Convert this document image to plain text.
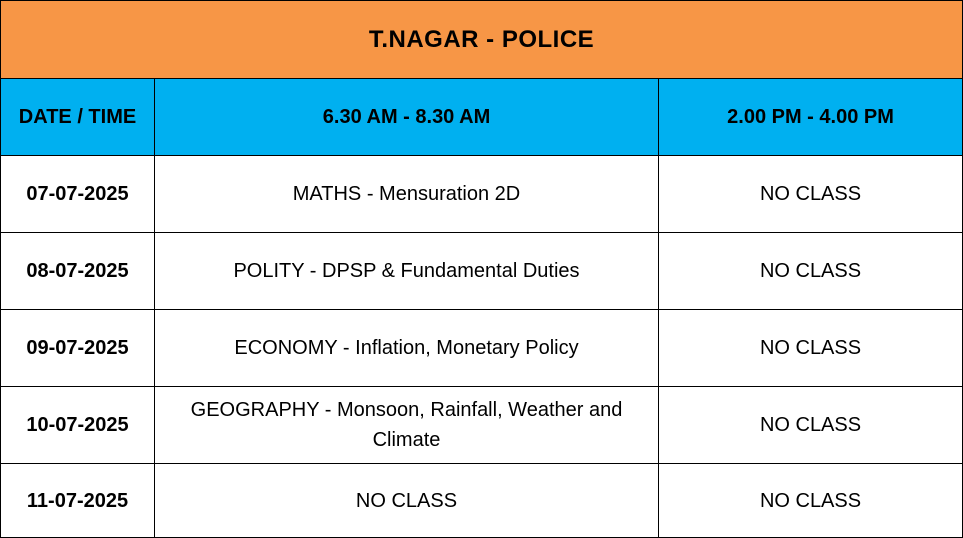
T.NAGAR - POLICE		
DATE / TIME	6.30 AM - 8.30 AM	2.00 PM - 4.00 PM
07-07-2025	MATHS - Mensuration 2D	NO CLASS
08-07-2025	POLITY - DPSP & Fundamental Duties	NO CLASS
09-07-2025	ECONOMY - Inflation, Monetary Policy	NO CLASS
10-07-2025	GEOGRAPHY - Monsoon, Rainfall, Weather and Climate	NO CLASS
11-07-2025	NO CLASS	NO CLASS
